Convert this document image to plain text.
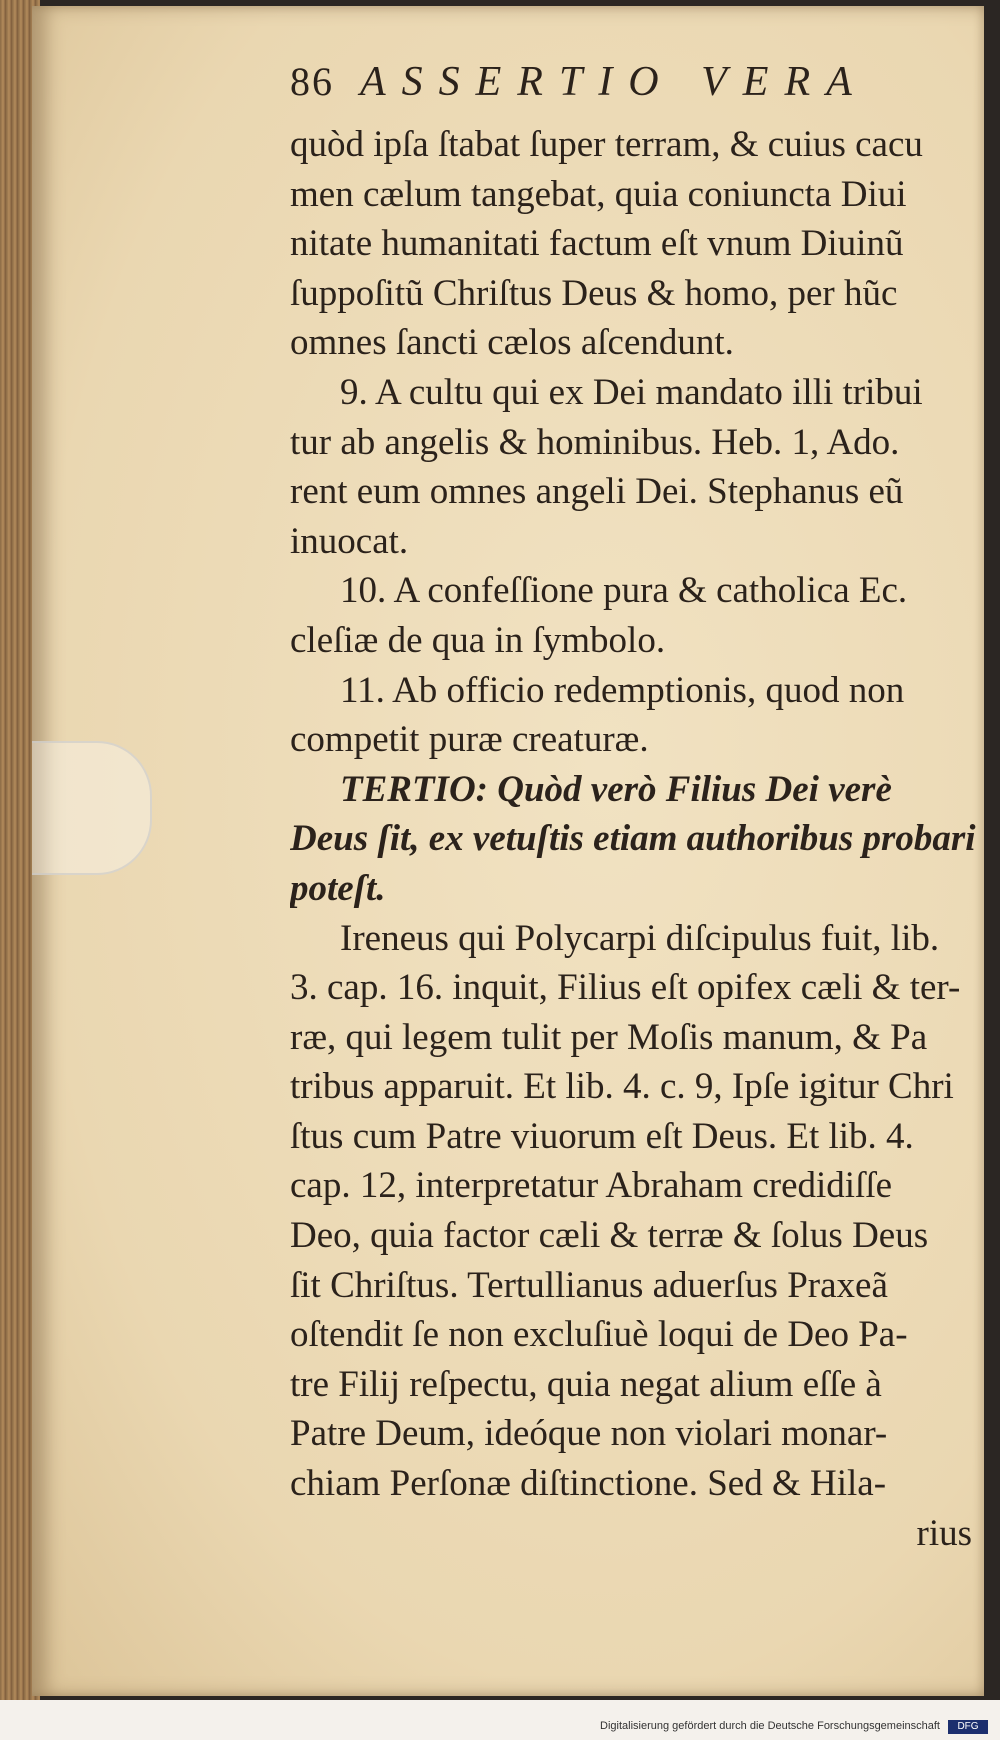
86 ASSERTIO VERA
quòd ipſa ſtabat ſuper terram, & cuius cacu
men cælum tangebat, quia coniuncta Diui
nitate humanitati factum eſt vnum Diuinũ
ſuppoſitũ Chriſtus Deus & homo, per hũc
omnes ſancti cælos aſcendunt.
9. A cultu qui ex Dei mandato illi tribui
tur ab angelis & hominibus. Heb. 1, Ado.
rent eum omnes angeli Dei. Stephanus eũ
inuocat.
10. A confeſſione pura & catholica Ec.
cleſiæ de qua in ſymbolo.
11. Ab officio redemptionis, quod non
competit puræ creaturæ.
TERTIO: Quòd verò Filius Dei verè
Deus ſit, ex vetuſtis etiam authoribus probari
poteſt.
Ireneus qui Polycarpi diſcipulus fuit, lib.
3. cap. 16. inquit, Filius eſt opifex cæli & ter-
ræ, qui legem tulit per Moſis manum, & Pa
tribus apparuit. Et lib. 4. c. 9, Ipſe igitur Chri
ſtus cum Patre viuorum eſt Deus. Et lib. 4.
cap. 12, interpretatur Abraham credidiſſe
Deo, quia factor cæli & terræ & ſolus Deus
ſit Chriſtus. Tertullianus aduerſus Praxeã
oſtendit ſe non excluſiuè loqui de Deo Pa-
tre Filij reſpectu, quia negat alium eſſe à
Patre Deum, ideóque non violari monar-
chiam Perſonæ diſtinctione. Sed & Hila-
rius
Digitalisierung gefördert durch die Deutsche Forschungsgemeinschaft	DFG
